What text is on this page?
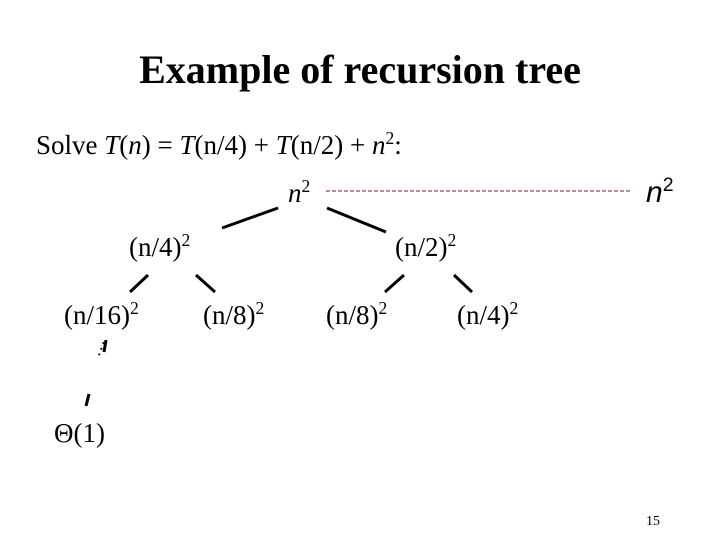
Example of recursion tree
Solve $T(n) = T(n/4) + T(n/2) + n^2$:
$n^2$
$(n/4)^2$	$(n/2)^2$
$(n/16)^2$ $(n/8)^2$ $(n/8)^2$	$(n/4)^2$
…
Θ(1)
$n^2$
15
